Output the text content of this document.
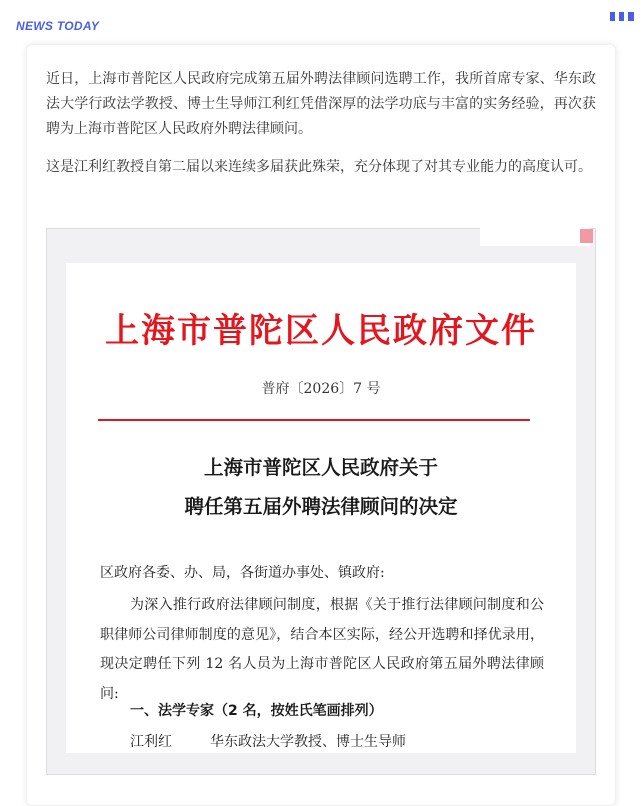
NEWS TODAY
近日，上海市普陀区人民政府完成第五届外聘法律顾问选聘工作，我所首席专家、华东政法大学行政法学教授、博士生导师江利红凭借深厚的法学功底与丰富的实务经验，再次获聘为上海市普陀区人民政府外聘法律顾问。
这是江利红教授自第二届以来连续多届获此殊荣，充分体现了对其专业能力的高度认可。
上海市普陀区人民政府文件
普府〔2026〕7 号
上海市普陀区人民政府关于
聘任第五届外聘法律顾问的决定
区政府各委、办、局，各街道办事处、镇政府:
为深入推行政府法律顾问制度，根据《关于推行法律顾问制度和公职律师公司律师制度的意见》，结合本区实际，经公开选聘和择优录用，现决定聘任下列 12 名人员为上海市普陀区人民政府第五届外聘法律顾问:
一、法学专家（2 名，按姓氏笔画排列）
江利红	华东政法大学教授、博士生导师
